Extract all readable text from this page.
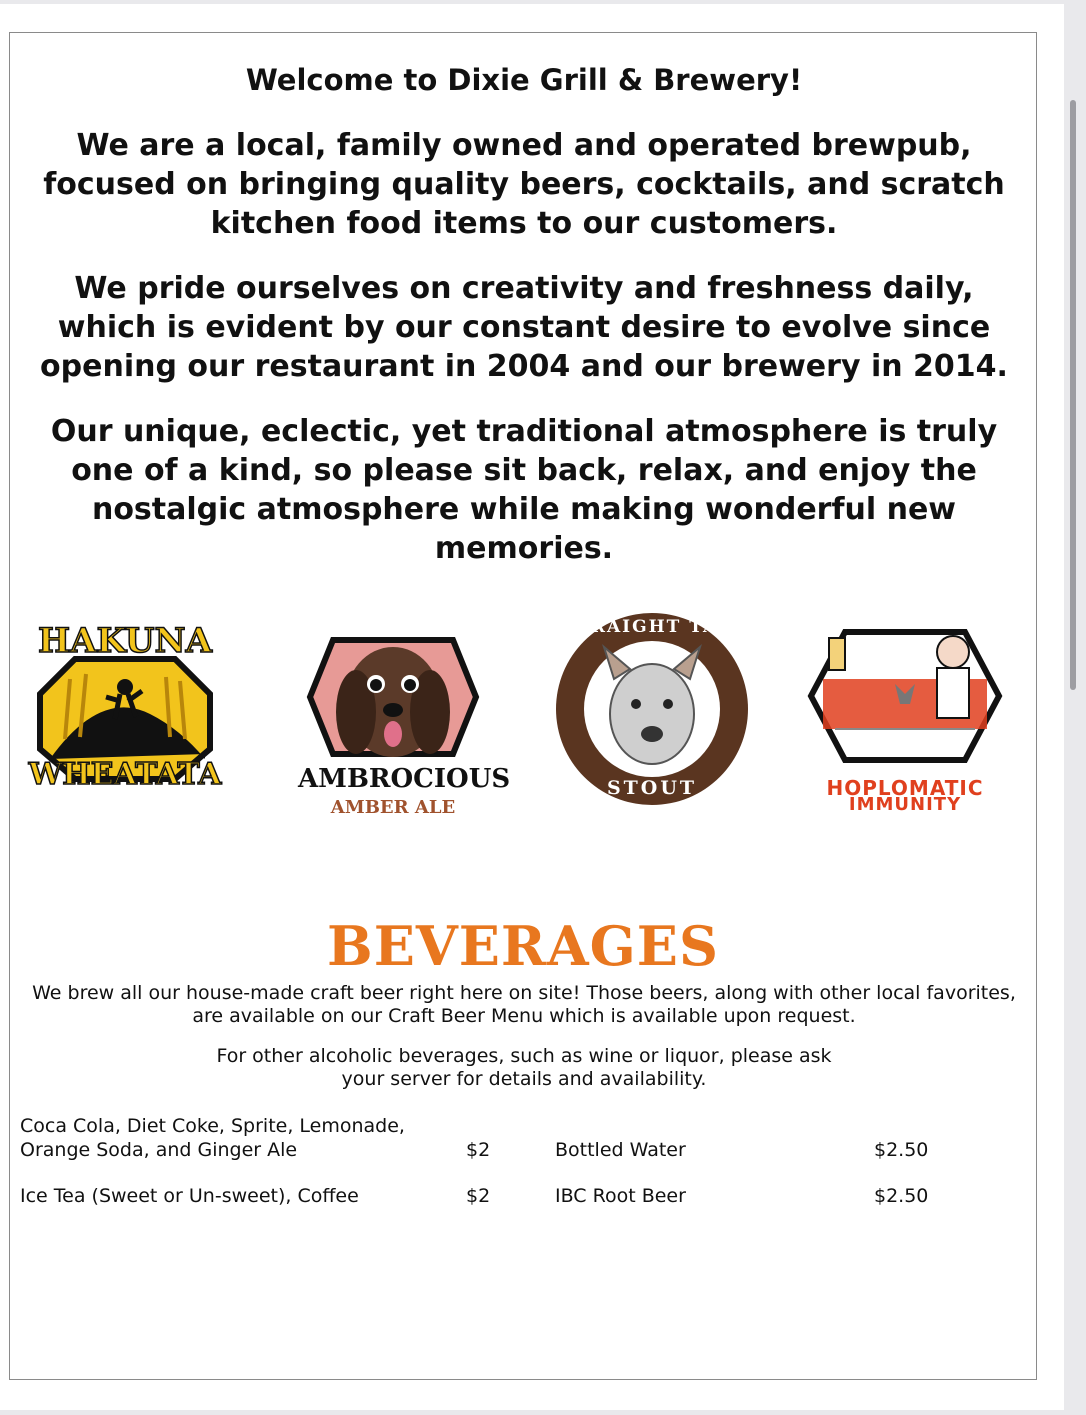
Welcome to Dixie Grill & Brewery!
We are a local, family owned and operated brewpub, focused on bringing quality beers, cocktails, and scratch kitchen food items to our customers.
We pride ourselves on creativity and freshness daily, which is evident by our constant desire to evolve since opening our restaurant in 2004 and our brewery in 2014.
Our unique, eclectic, yet traditional atmosphere is truly one of a kind, so please sit back, relax, and enjoy the nostalgic atmosphere while making wonderful new memories.
HAKUNA
WHEATATA	AMBROCIOUS
AMBER ALE
STRAIGHT TAIL
STOUT	HOPLOMATIC
IMMUNITY
BEVERAGES
We brew all our house-made craft beer right here on site! Those beers, along with other local favorites, are available on our Craft Beer Menu which is available upon request.
For other alcoholic beverages, such as wine or liquor, please ask your server for details and availability.
Coca Cola, Diet Coke, Sprite, Lemonade,
Orange Soda, and Ginger Ale	$2	Bottled Water	$2.50
Ice Tea (Sweet or Un-sweet), Coffee	$2	IBC Root Beer	$2.50
